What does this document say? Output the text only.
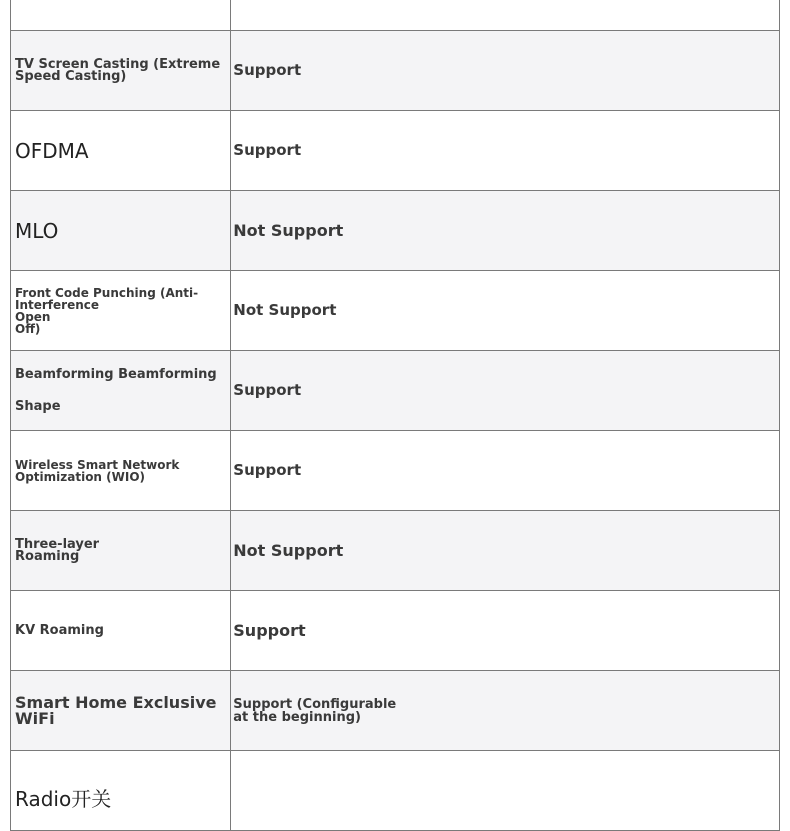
TV Screen Casting (Extreme
Speed Casting)	Support

OFDMA	Support

MLO	Not Support

Front Code Punching (Anti-Interference
Open
Off)	Not Support

Beamforming Beamforming

Shape	Support

Wireless Smart Network
Optimization (WIO)	Support

Three-layer
Roaming	Not Support

KV Roaming	Support

Smart Home Exclusive
WiFi	Support (Configurable
at the beginning)

Radio开关	
